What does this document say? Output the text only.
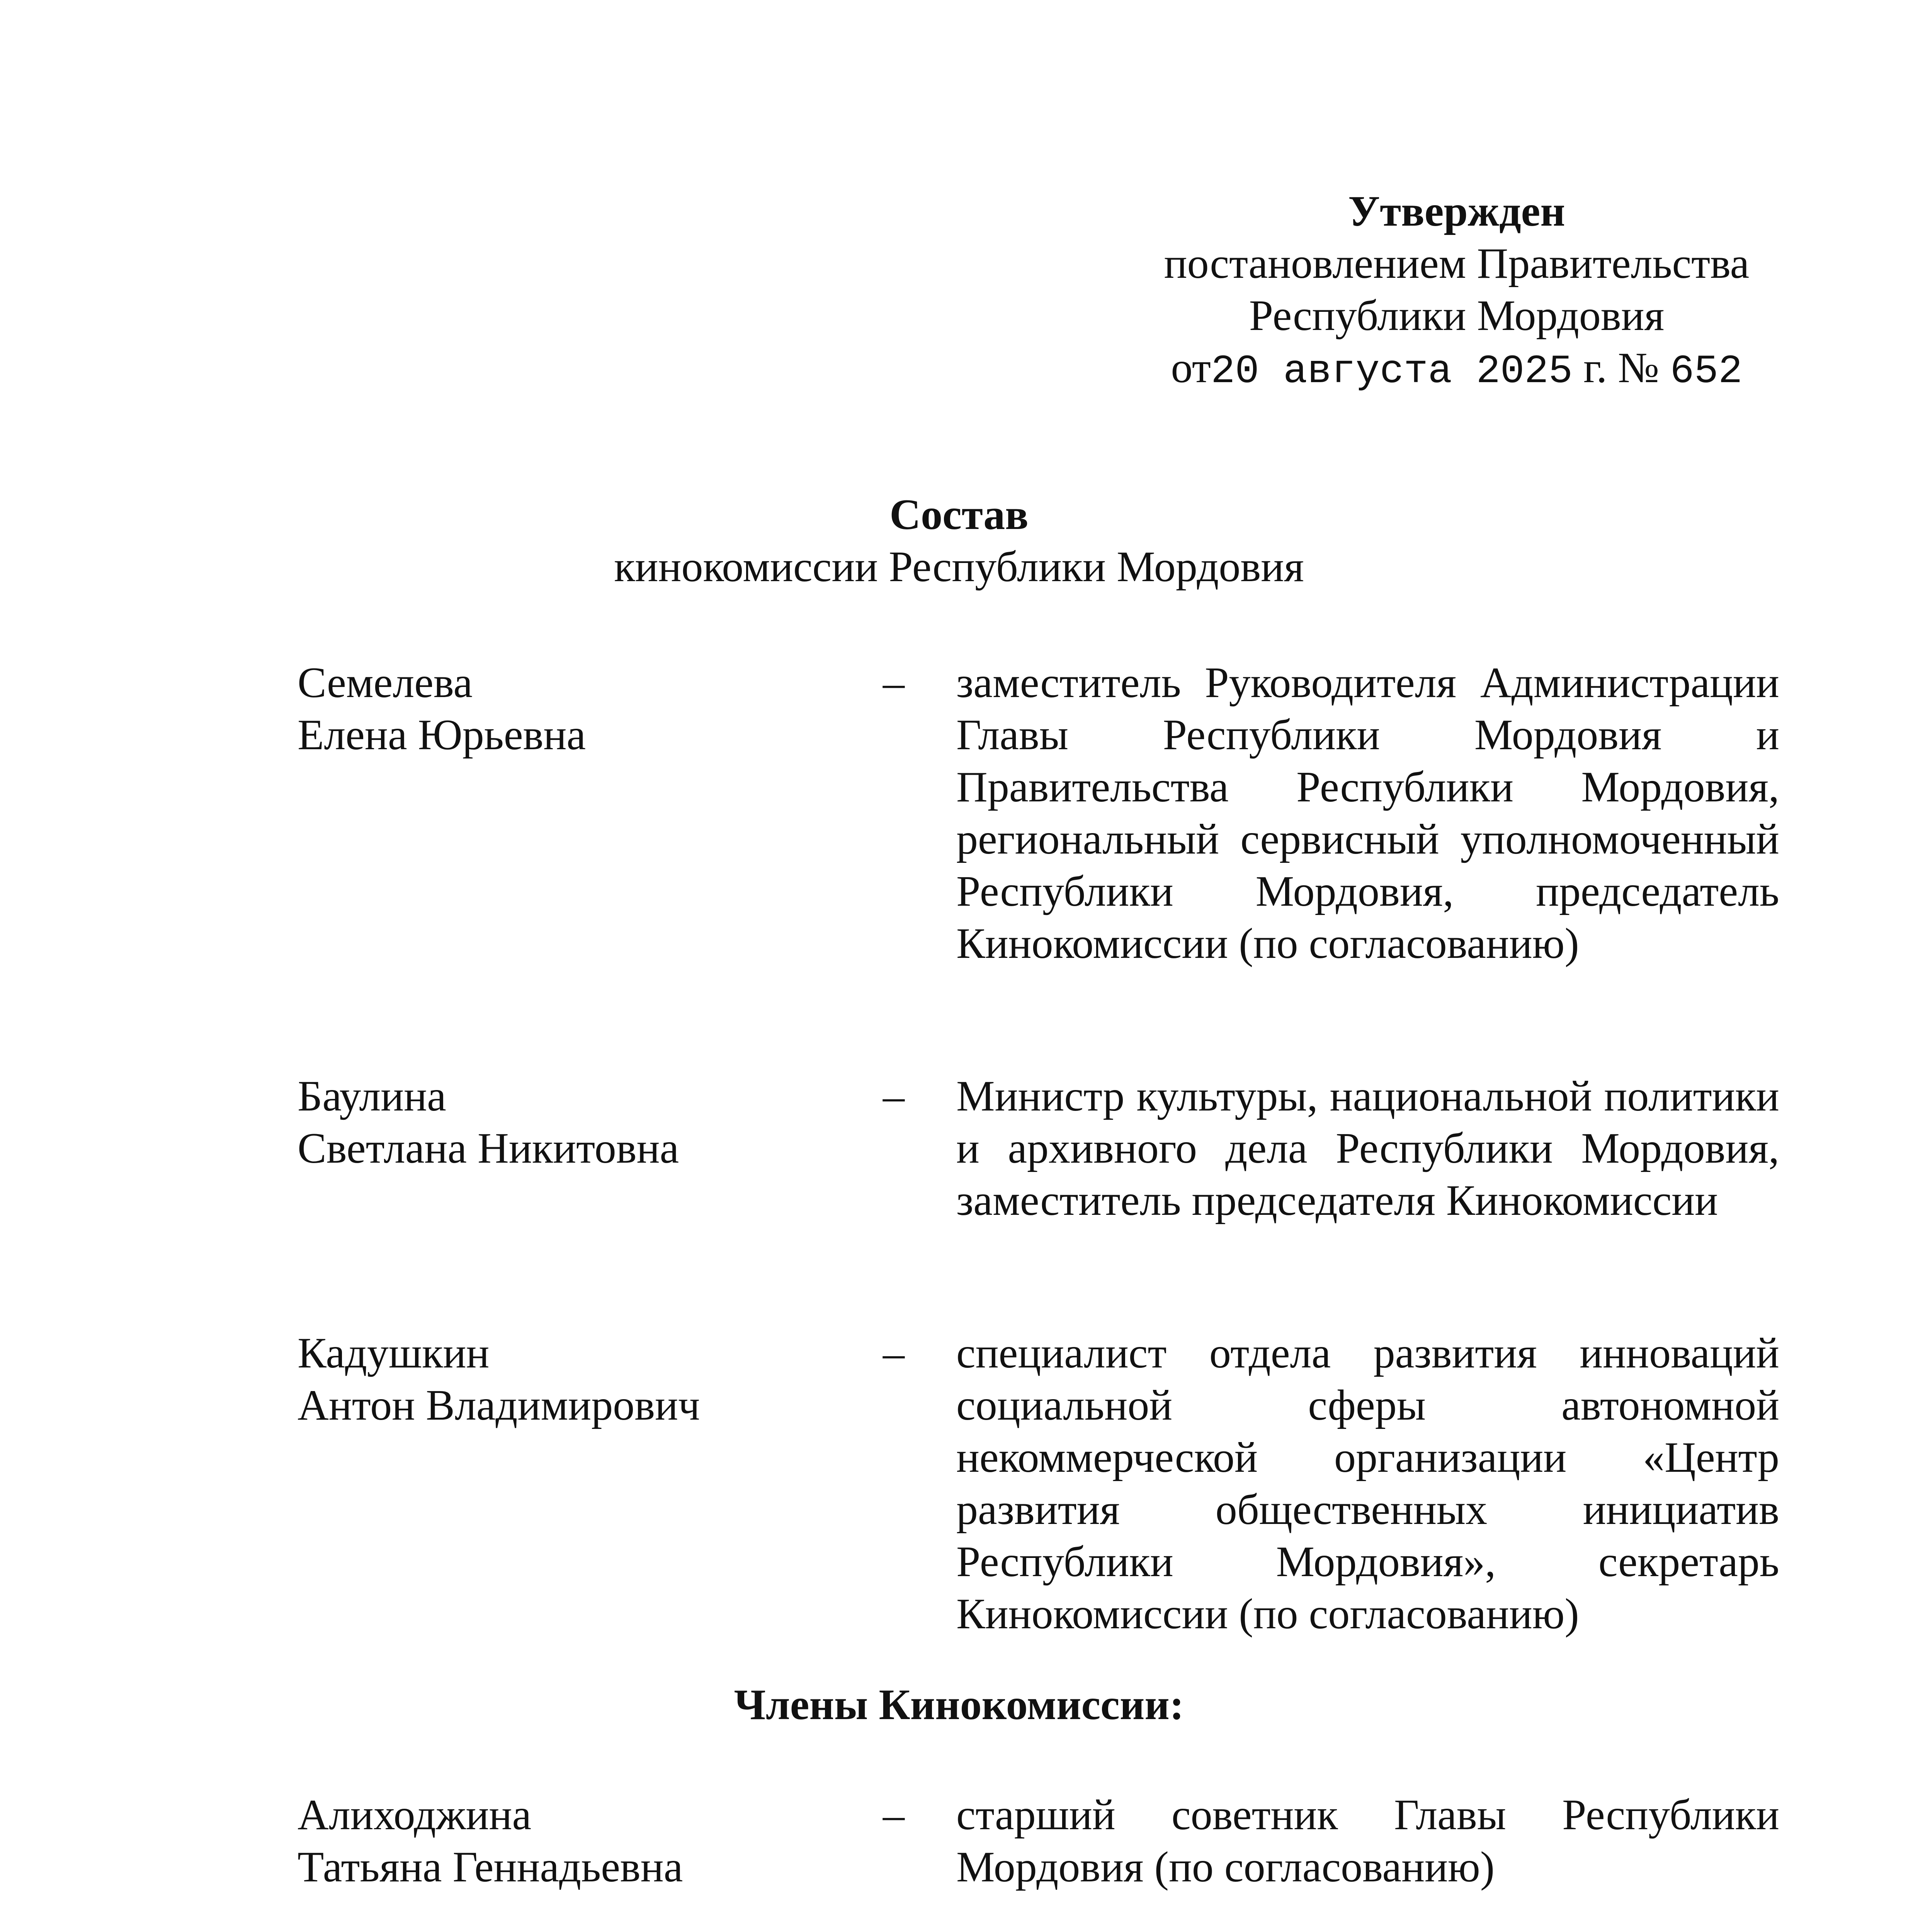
Утвержден
постановлением Правительства
Республики Мордовия
от20 августа 2025 г. № 652
Состав
кинокомиссии Республики Мордовия
Семелева
Елена Юрьевна
–	заместитель Руководителя Администрации Главы Республики Мордовия и Правительства Республики Мордовия, региональный сервисный уполномоченный Республики Мордовия, председатель Кинокомиссии (по согласованию)
Баулина
Светлана Никитовна
–	Министр культуры, национальной политики и архивного дела Республики Мордовия, заместитель председателя Кинокомиссии
Кадушкин
Антон Владимирович
–	специалист отдела развития инноваций социальной сферы автономной некоммерческой организации «Центр развития общественных инициатив Республики Мордовия», секретарь Кинокомиссии (по согласованию)
Члены Кинокомиссии:
Алиходжина
Татьяна Геннадьевна
–	старший советник Главы Республики Мордовия (по согласованию)
